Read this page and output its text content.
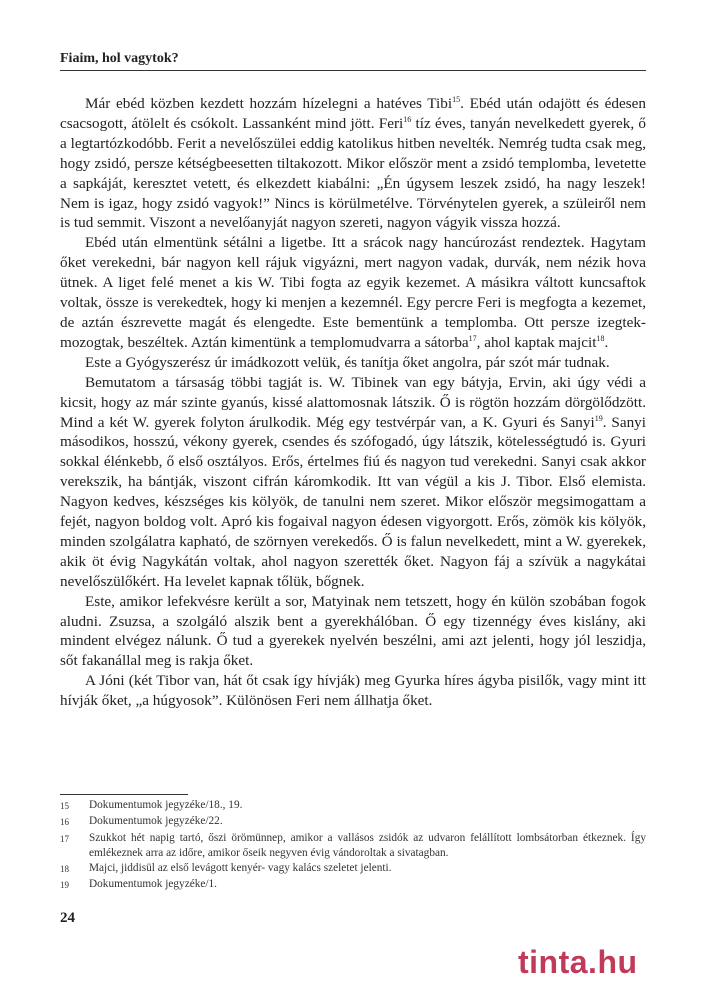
Fiaim, hol vagytok?

Már ebéd közben kezdett hozzám hízelegni a hatéves Tibi$^{15}$. Ebéd után odajött és édesen csacsogott, átölelt és csókolt. Lassanként mind jött. Feri$^{16}$ tíz éves, tanyán nevelkedett gyerek, ő a legtartózkodóbb. Ferit a nevelőszülei eddig katolikus hitben nevelték. Nemrég tudta csak meg, hogy zsidó, persze kétségbeesetten tiltakozott. Mikor először ment a zsidó templomba, levetette a sapkáját, keresztet vetett, és elkezdett kiabálni: „Én úgysem leszek zsidó, ha nagy leszek! Nem is igaz, hogy zsidó vagyok!” Nincs is körülmetélve. Törvénytelen gyerek, a szüleiről nem is tud semmit. Viszont a nevelőanyját nagyon szereti, nagyon vágyik vissza hozzá.

Ebéd után elmentünk sétálni a ligetbe. Itt a srácok nagy hancúrozást rendeztek. Hagytam őket verekedni, bár nagyon kell rájuk vigyázni, mert nagyon vadak, durvák, nem nézik hova ütnek. A liget felé menet a kis W. Tibi fogta az egyik kezemet. A másikra váltott kuncsaftok voltak, össze is verekedtek, hogy ki menjen a kezemnél. Egy percre Feri is megfogta a kezemet, de aztán észrevette magát és elengedte. Este bementünk a templomba. Ott persze izegtek-mozogtak, beszéltek. Aztán kimentünk a templomudvarra a sátorba$^{17}$, ahol kaptak majcit$^{18}$.

Este a Gyógyszerész úr imádkozott velük, és tanítja őket angolra, pár szót már tudnak.

Bemutatom a társaság többi tagját is. W. Tibinek van egy bátyja, Ervin, aki úgy védi a kicsit, hogy az már szinte gyanús, kissé alattomosnak látszik. Ő is rögtön hozzám dörgölődzött. Mind a két W. gyerek folyton árulkodik. Még egy testvérpár van, a K. Gyuri és Sanyi$^{19}$. Sanyi másodikos, hosszú, vékony gyerek, csendes és szófogadó, úgy látszik, kötelességtudó is. Gyuri sokkal élénkebb, ő első osztályos. Erős, értelmes fiú és nagyon tud verekedni. Sanyi csak akkor verekszik, ha bántják, viszont cifrán káromkodik. Itt van végül a kis J. Tibor. Első elemista. Nagyon kedves, készséges kis kölyök, de tanulni nem szeret. Mikor először megsimogattam a fejét, nagyon boldog volt. Apró kis fogaival nagyon édesen vigyorgott. Erős, zömök kis kölyök, minden szolgálatra kapható, de szörnyen verekedős. Ő is falun nevelkedett, mint a W. gyerekek, akik öt évig Nagykátán voltak, ahol nagyon szerették őket. Nagyon fáj a szívük a nagykátai nevelőszülőkért. Ha levelet kapnak tőlük, bőgnek.

Este, amikor lefekvésre került a sor, Matyinak nem tetszett, hogy én külön szobában fogok aludni. Zsuzsa, a szolgáló alszik bent a gyerekhálóban. Ő egy tizennégy éves kislány, aki mindent elvégez nálunk. Ő tud a gyerekek nyelvén beszélni, ami azt jelenti, hogy jól leszidja, sőt fakanállal meg is rakja őket.

A Jóni (két Tibor van, hát őt csak így hívják) meg Gyurka híres ágyba pisilők, vagy mint itt hívják őket, „a húgyosok”. Különösen Feri nem állhatja őket.

15	Dokumentumok jegyzéke/18., 19.
16	Dokumentumok jegyzéke/22.
17	Szukkot hét napig tartó, őszi örömünnep, amikor a vallásos zsidók az udvaron felállított lombsátorban étkeznek. Így emlékeznek arra az időre, amikor őseik negyven évig vándoroltak a sivatagban.
18	Majci, jiddisül az első levágott kenyér- vagy kalács szeletet jelenti.
19	Dokumentumok jegyzéke/1.
24
tinta.hu
